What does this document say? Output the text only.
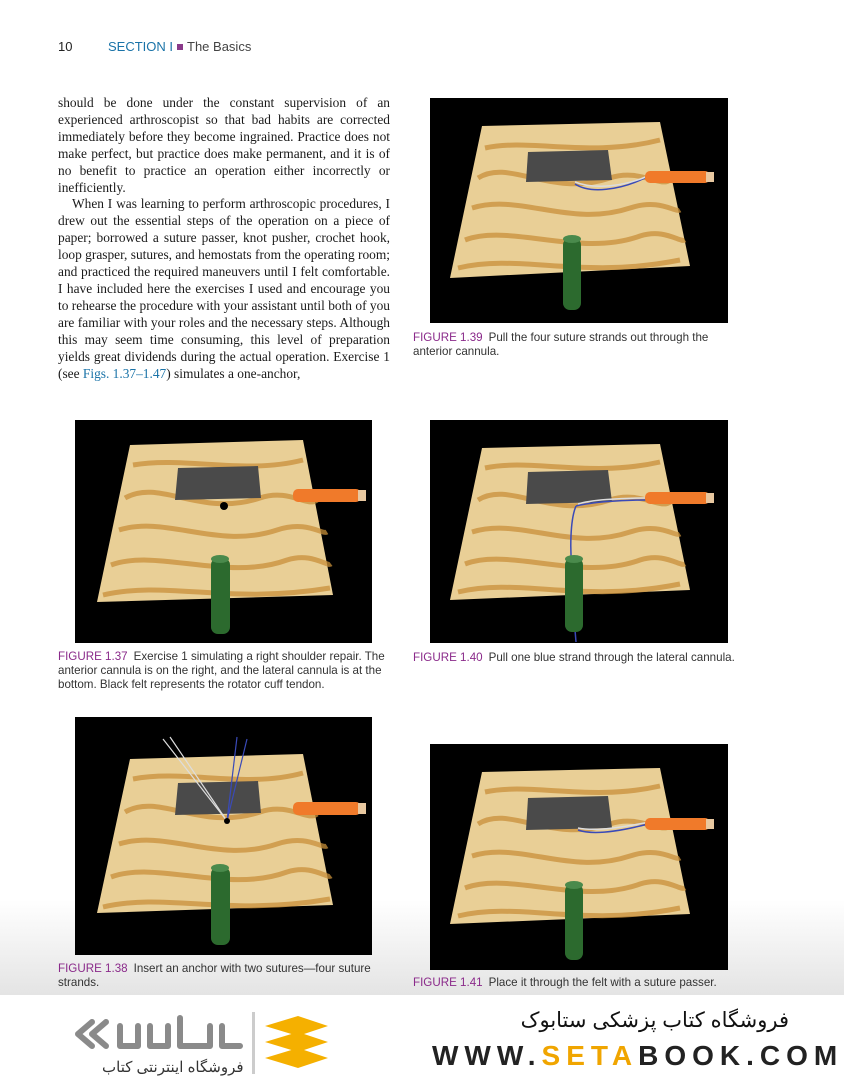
10	SECTION I The Basics

should be done under the constant supervision of an experienced arthroscopist so that bad habits are corrected immediately before they become ingrained. Practice does not make perfect, but practice does make permanent, and it is of no benefit to practice an operation either incorrectly or inefficiently.

When I was learning to perform arthroscopic procedures, I drew out the essential steps of the operation on a piece of paper; borrowed a suture passer, knot pusher, crochet hook, loop grasper, sutures, and hemostats from the operating room; and practiced the required maneuvers until I felt comfortable. I have included here the exercises I used and encourage you to rehearse the procedure with your assistant until both of you are familiar with your roles and the necessary steps. Although this may seem time consuming, this level of preparation yields great dividends during the actual operation. Exercise 1 (see Figs. 1.37–1.47) simulates a one-anchor,

FIGURE 1.39 Pull the four suture strands out through the anterior cannula.
FIGURE 1.37 Exercise 1 simulating a right shoulder repair. The anterior cannula is on the right, and the lateral cannula is at the bottom. Black felt represents the rotator cuff tendon.
FIGURE 1.40 Pull one blue strand through the lateral cannula.
FIGURE 1.38 Insert an anchor with two sutures—four suture strands.	FIGURE 1.41 Place it through the felt with a suture passer.
فروشگاه اینترنتی کتاب
فروشگاه کتاب پزشکی ستابوک
WWW.SETABOOK.COM
